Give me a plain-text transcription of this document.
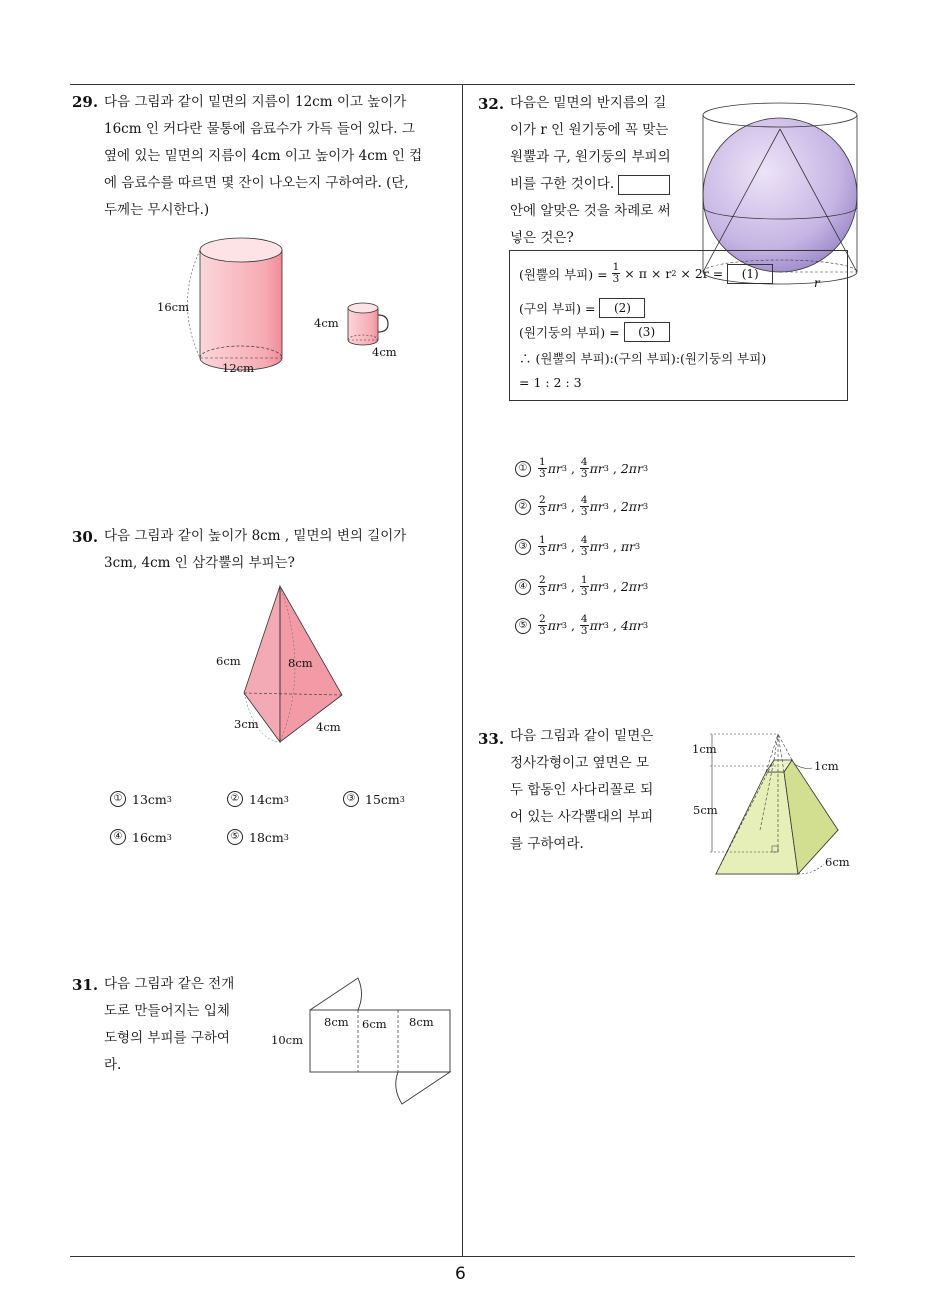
6
29. 다음 그림과 같이 밑면의 지름이 12cm 이고 높이가
16cm 인 커다란 물통에 음료수가 가득 들어 있다. 그
옆에 있는 밑면의 지름이 4cm 이고 높이가 4cm 인 컵
에 음료수를 따르면 몇 잔이 나오는지 구하여라. (단,
두께는 무시한다.)
16cm
12cm
4cm
4cm
30. 다음 그림과 같이 높이가 8cm , 밑면의 변의 길이가
3cm, 4cm 인 삼각뿔의 부피는?
8cm
6cm
3cm	4cm
① 13cm 3	② 14cm 3	③ 15cm 3
④ 16cm 3	⑤ 18cm 3
31. 다음 그림과 같은 전개
도로 만들어지는 입체
도형의 부피를 구하여
라.
10cm
8cm 6cm 8cm
32. 다음은 밑면의 반지름의 길
이가 r 인 원기둥에 꼭 맞는
원뿔과 구, 원기둥의 부피의
비를 구한 것이다.
안에 알맞은 것을 차례로 써
넣은 것은?
r
(원뿔의 부피) = $\frac{1}{3} \times \pi \times r$ 2 × 2r =	(1)
(구의 부피) =	(2)
(원기둥의 부피) =	(3)
∴ (원뿔의 부피):(구의 부피):(원기둥의 부피)
= 1 : 2 : 3
①	$\frac{1}{3}$ πr 3 , $\frac{4}{3}$ πr 3 , 2πr 3
②	$\frac{2}{3}$ πr 3 , $\frac{4}{3}$ πr 3 , 2πr 3
③	$\frac{1}{3}$ πr 3 , $\frac{4}{3}$ πr 3 , πr 3
④	$\frac{2}{3}$ πr 3 , $\frac{1}{3}$ πr 3 , 2πr 3
⑤	$\frac{2}{3}$ πr 3 , $\frac{4}{3}$ πr 3 , 4πr 3
33. 다음 그림과 같이 밑면은
정사각형이고 옆면은 모
두 합동인 사다리꼴로 되
어 있는 사각뿔대의 부피
를 구하여라.
1cm
1cm
5cm
6cm
